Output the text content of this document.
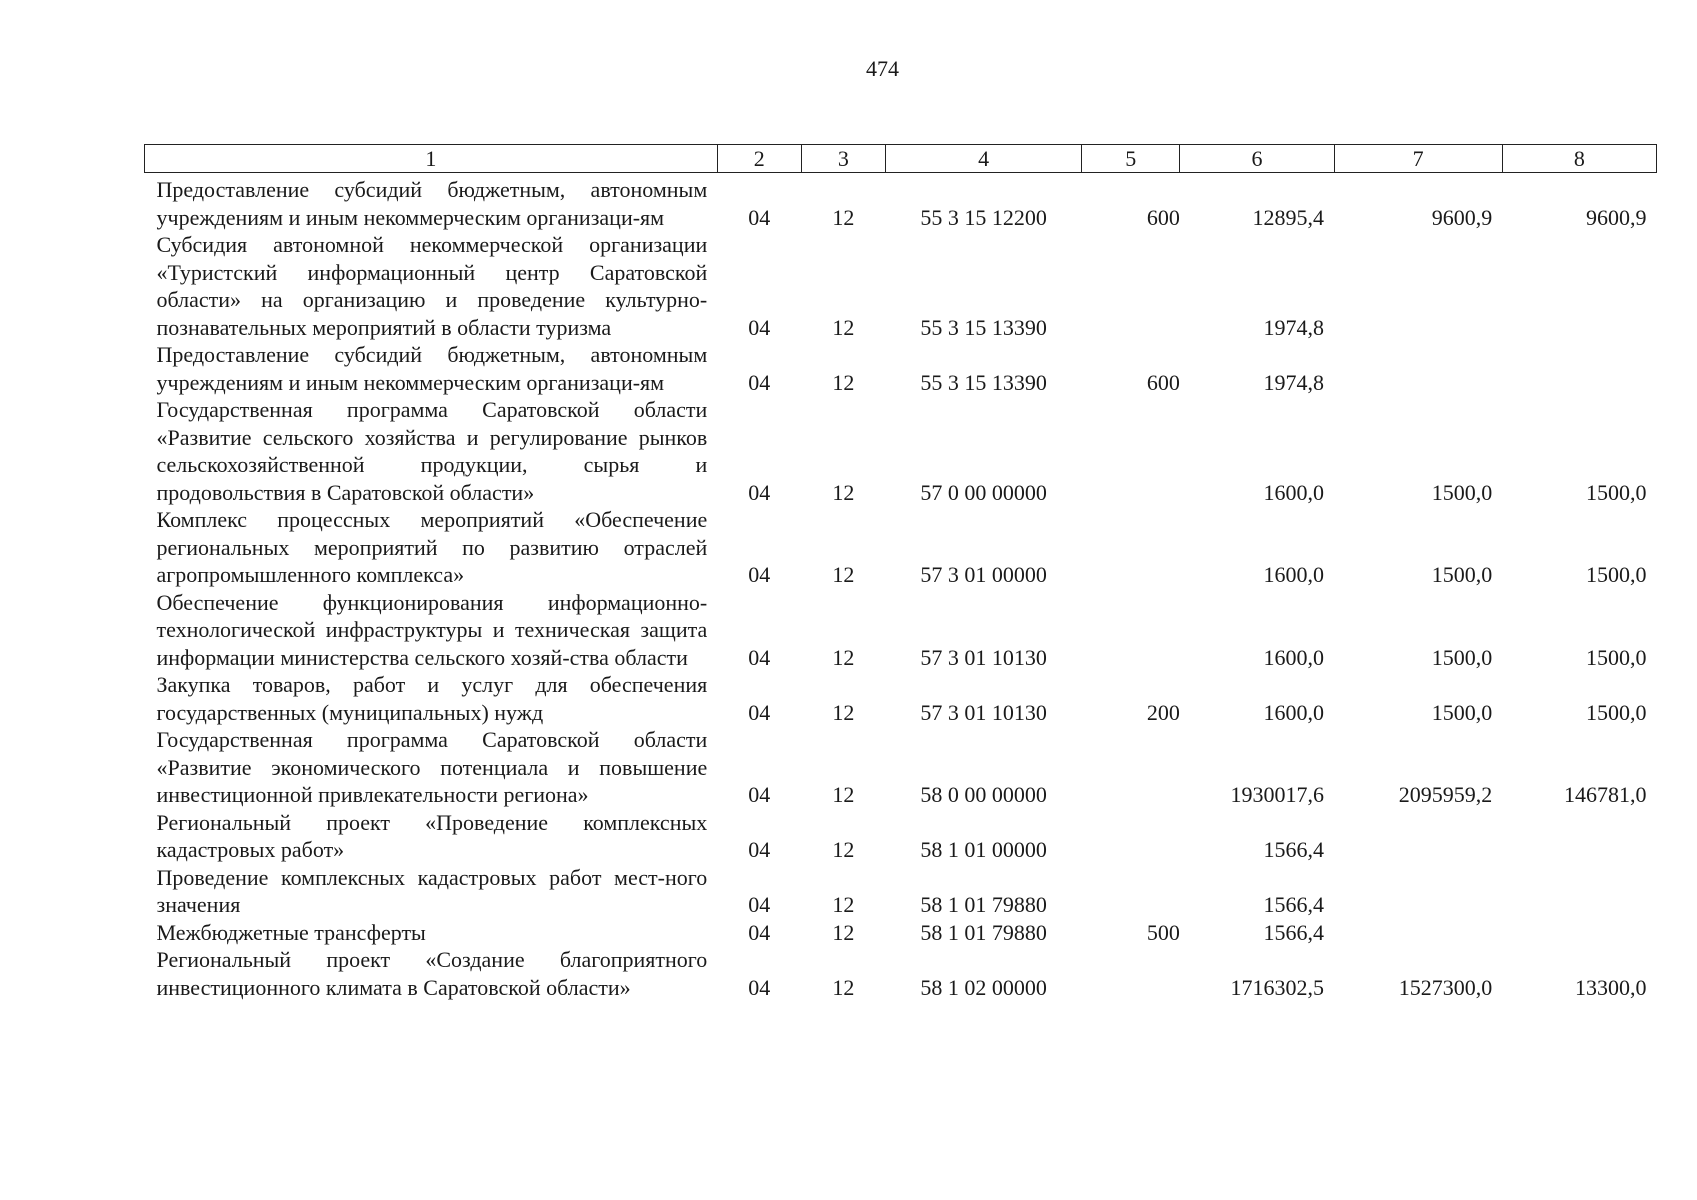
474
1	2	3	4	5	6	7	8
Предоставление субсидий бюджетным, автономным учреждениям и иным некоммерческим организаци-ям	04	12	55 3 15 12200	600	12895,4	9600,9	9600,9
Субсидия автономной некоммерческой организации «Туристский информационный центр Саратовской области» на организацию и проведение культурно-познавательных мероприятий в области туризма	04	12	55 3 15 13390		1974,8		
Предоставление субсидий бюджетным, автономным учреждениям и иным некоммерческим организаци-ям	04	12	55 3 15 13390	600	1974,8		
Государственная программа Саратовской области «Развитие сельского хозяйства и регулирование рынков сельскохозяйственной продукции, сырья и продовольствия в Саратовской области»	04	12	57 0 00 00000		1600,0	1500,0	1500,0
Комплекс процессных мероприятий «Обеспечение региональных мероприятий по развитию отраслей агропромышленного комплекса»	04	12	57 3 01 00000		1600,0	1500,0	1500,0
Обеспечение функционирования информационно-технологической инфраструктуры и техническая защита информации министерства сельского хозяй-ства области	04	12	57 3 01 10130		1600,0	1500,0	1500,0
Закупка товаров, работ и услуг для обеспечения государственных (муниципальных) нужд	04	12	57 3 01 10130	200	1600,0	1500,0	1500,0
Государственная программа Саратовской области «Развитие экономического потенциала и повышение инвестиционной привлекательности региона»	04	12	58 0 00 00000		1930017,6	2095959,2	146781,0
Региональный проект «Проведение комплексных кадастровых работ»	04	12	58 1 01 00000		1566,4		
Проведение комплексных кадастровых работ мест-ного значения	04	12	58 1 01 79880		1566,4		
Межбюджетные трансферты	04	12	58 1 01 79880	500	1566,4		
Региональный проект «Создание благоприятного инвестиционного климата в Саратовской области»	04	12	58 1 02 00000		1716302,5	1527300,0	13300,0
